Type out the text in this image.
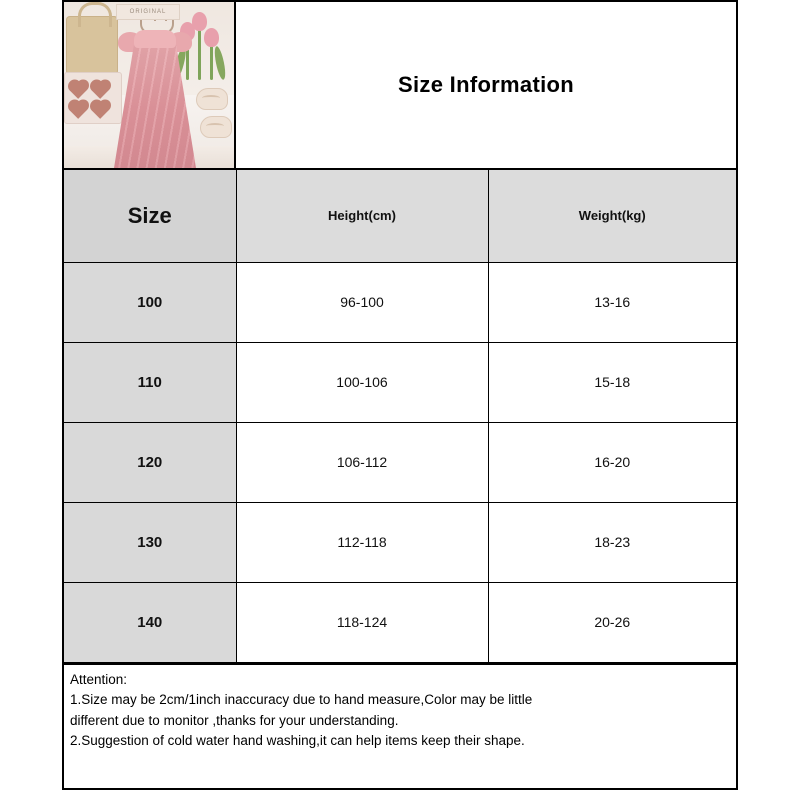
ORIGINAL
Size Information
Size	Height(cm)	Weight(kg)
100	96-100	13-16
110	100-106	15-18
120	106-112	16-20
130	112-118	18-23
140	118-124	20-26

Attention:

1.Size may be 2cm/1inch inaccuracy due to hand measure,Color may be little

different due to monitor ,thanks for your understanding.

2.Suggestion of cold water hand washing,it can help items keep their shape.
